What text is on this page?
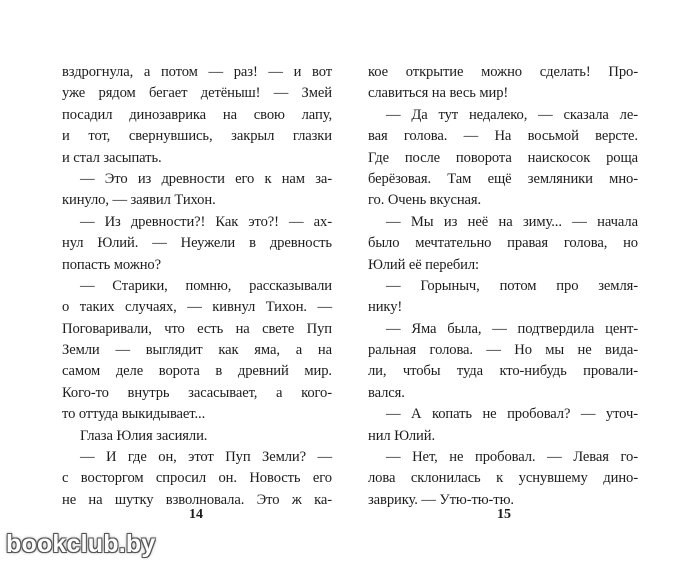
вздрогнула, а потом — раз! — и вот
уже рядом бегает детёныш! — Змей
посадил динозаврика на свою лапу,
и тот, свернувшись, закрыл глазки
и стал засыпать.
— Это из древности его к нам за-
кинуло, — заявил Тихон.
— Из древности?! Как это?! — ах-
нул Юлий. — Неужели в древность
попасть можно?
— Старики, помню, рассказывали
о таких случаях, — кивнул Тихон. —
Поговаривали, что есть на свете Пуп
Земли — выглядит как яма, а на
самом деле ворота в древний мир.
Кого-то внутрь засасывает, а кого-
то оттуда выкидывает...
Глаза Юлия засияли.
— И где он, этот Пуп Земли? —
с восторгом спросил он. Новость его
не на шутку взволновала. Это ж ка-
кое открытие можно сделать! Про-
славиться на весь мир!
— Да тут недалеко, — сказала ле-
вая голова. — На восьмой версте.
Где после поворота наискосок роща
берёзовая. Там ещё земляники мно-
го. Очень вкусная.
— Мы из неё на зиму... — начала
было мечтательно правая голова, но
Юлий её перебил:
— Горыныч, потом про земля-
нику!
— Яма была, — подтвердила цент-
ральная голова. — Но мы не вида-
ли, чтобы туда кто-нибудь провали-
вался.
— А копать не пробовал? — уточ-
нил Юлий.
— Нет, не пробовал. — Левая го-
лова склонилась к уснувшему дино-
заврику. — Утю-тю-тю.
14	15
bookclub.by
